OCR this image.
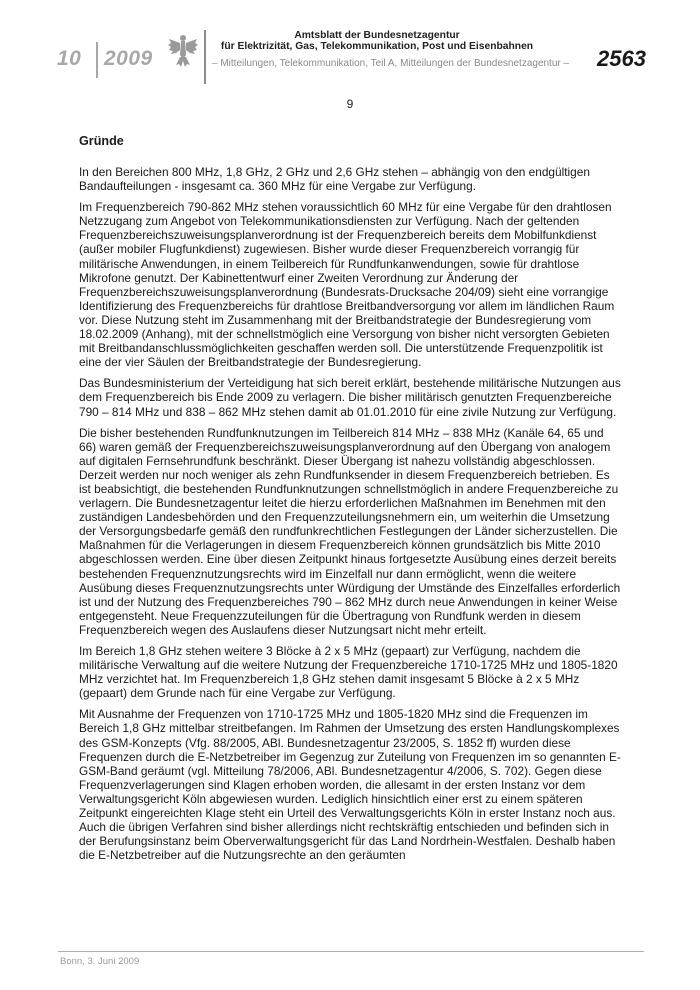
10 2009
Amtsblatt der Bundesnetzagentur
für Elektrizität, Gas, Telekommunikation, Post und Eisenbahnen
– Mitteilungen, Telekommunikation, Teil A, Mitteilungen der Bundesnetzagentur – 2563
9
Gründe

In den Bereichen 800 MHz, 1,8 GHz, 2 GHz und 2,6 GHz stehen – abhängig von den endgültigen Bandaufteilungen - insgesamt ca. 360 MHz für eine Vergabe zur Verfügung.

Im Frequenzbereich 790-862 MHz stehen voraussichtlich 60 MHz für eine Vergabe für den drahtlosen Netzzugang zum Angebot von Telekommunikationsdiensten zur Verfügung. Nach der geltenden Frequenzbereichszuweisungsplanverordnung ist der Frequenzbereich bereits dem Mobilfunkdienst (außer mobiler Flugfunkdienst) zugewiesen. Bisher wurde dieser Frequenzbereich vorrangig für militärische Anwendungen, in einem Teilbereich für Rundfunkanwendungen, sowie für drahtlose Mikrofone genutzt. Der Kabinettentwurf einer Zweiten Verordnung zur Änderung der Frequenzbereichszuweisungsplanverordnung (Bundesrats-Drucksache 204/09) sieht eine vorrangige Identifizierung des Frequenzbereichs für drahtlose Breitbandversorgung vor allem im ländlichen Raum vor. Diese Nutzung steht im Zusammenhang mit der Breitbandstrategie der Bundesregierung vom 18.02.2009 (Anhang), mit der schnellstmöglich eine Versorgung von bisher nicht versorgten Gebieten mit Breitbandanschlussmöglichkeiten geschaffen werden soll. Die unterstützende Frequenzpolitik ist eine der vier Säulen der Breitbandstrategie der Bundesregierung.

Das Bundesministerium der Verteidigung hat sich bereit erklärt, bestehende militärische Nutzungen aus dem Frequenzbereich bis Ende 2009 zu verlagern. Die bisher militärisch genutzten Frequenzbereiche 790 – 814 MHz und 838 – 862 MHz stehen damit ab 01.01.2010 für eine zivile Nutzung zur Verfügung.

Die bisher bestehenden Rundfunknutzungen im Teilbereich 814 MHz – 838 MHz (Kanäle 64, 65 und 66) waren gemäß der Frequenzbereichszuweisungsplanverordnung auf den Übergang von analogem auf digitalen Fernsehrundfunk beschränkt. Dieser Übergang ist nahezu vollständig abgeschlossen. Derzeit werden nur noch weniger als zehn Rundfunksender in diesem Frequenzbereich betrieben. Es ist beabsichtigt, die bestehenden Rundfunknutzungen schnellstmöglich in andere Frequenzbereiche zu verlagern. Die Bundesnetzagentur leitet die hierzu erforderlichen Maßnahmen im Benehmen mit den zuständigen Landesbehörden und den Frequenzzuteilungsnehmern ein, um weiterhin die Umsetzung der Versorgungsbedarfe gemäß den rundfunkrechtlichen Festlegungen der Länder sicherzustellen. Die Maßnahmen für die Verlagerungen in diesem Frequenzbereich können grundsätzlich bis Mitte 2010 abgeschlossen werden. Eine über diesen Zeitpunkt hinaus fortgesetzte Ausübung eines derzeit bereits bestehenden Frequenznutzungsrechts wird im Einzelfall nur dann ermöglicht, wenn die weitere Ausübung dieses Frequenznutzungsrechts unter Würdigung der Umstände des Einzelfalles erforderlich ist und der Nutzung des Frequenzbereiches 790 – 862 MHz durch neue Anwendungen in keiner Weise entgegensteht. Neue Frequenzzuteilungen für die Übertragung von Rundfunk werden in diesem Frequenzbereich wegen des Auslaufens dieser Nutzungsart nicht mehr erteilt.

Im Bereich 1,8 GHz stehen weitere 3 Blöcke à 2 x 5 MHz (gepaart) zur Verfügung, nachdem die militärische Verwaltung auf die weitere Nutzung der Frequenzbereiche 1710-1725 MHz und 1805-1820 MHz verzichtet hat. Im Frequenzbereich 1,8 GHz stehen damit insgesamt 5 Blöcke à 2 x 5 MHz (gepaart) dem Grunde nach für eine Vergabe zur Verfügung.

Mit Ausnahme der Frequenzen von 1710-1725 MHz und 1805-1820 MHz sind die Frequenzen im Bereich 1,8 GHz mittelbar streitbefangen. Im Rahmen der Umsetzung des ersten Handlungskomplexes des GSM-Konzepts (Vfg. 88/2005, ABl. Bundesnetzagentur 23/2005, S. 1852 ff) wurden diese Frequenzen durch die E-Netzbetreiber im Gegenzug zur Zuteilung von Frequenzen im so genannten E-GSM-Band geräumt (vgl. Mitteilung 78/2006, ABl. Bundesnetzagentur 4/2006, S. 702). Gegen diese Frequenzverlagerungen sind Klagen erhoben worden, die allesamt in der ersten Instanz vor dem Verwaltungsgericht Köln abgewiesen wurden. Lediglich hinsichtlich einer erst zu einem späteren Zeitpunkt eingereichten Klage steht ein Urteil des Verwaltungsgerichts Köln in erster Instanz noch aus. Auch die übrigen Verfahren sind bisher allerdings nicht rechtskräftig entschieden und befinden sich in der Berufungsinstanz beim Oberverwaltungsgericht für das Land Nordrhein-Westfalen. Deshalb haben die E-Netzbetreiber auf die Nutzungsrechte an den geräumten

Bonn, 3. Juni 2009
